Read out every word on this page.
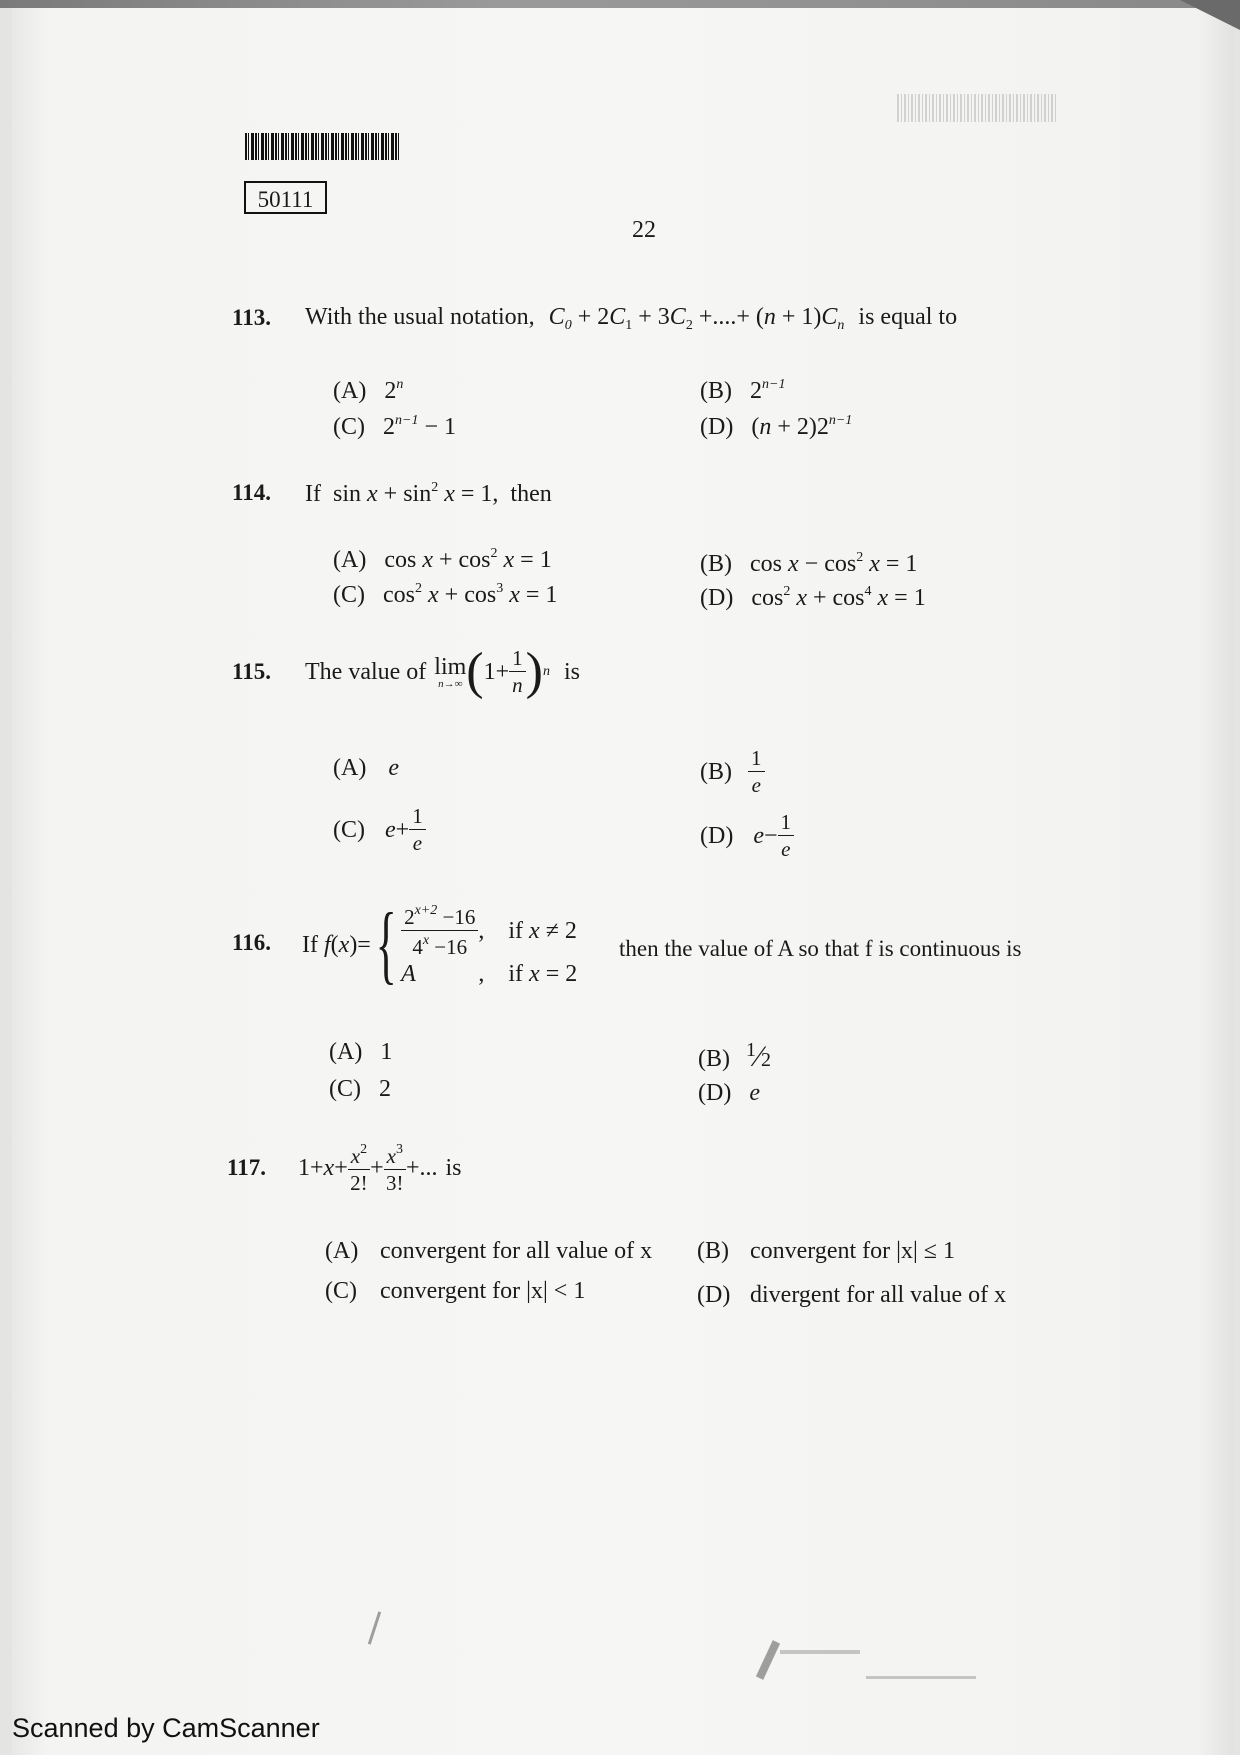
50111
22
113. With the usual notation, $C_0 + 2C_1 + 3C_2$ +....+ $(n + 1)C_n$ is equal to
(A) 2$^n$	(B) $2^{n-1}$
(C) $2^{n-1} - 1$	(D) $(n + 2)2^{n-1}$
114. If $\sin x + \sin^2 x = 1$, then
(A) $\cos x + \cos^2 x = 1$	(B) $\cos x - \cos^2 x = 1$
(C) $\cos^2 x + \cos^3 x = 1$	(D) $\cos^2 x + \cos^4 x = 1$
115. The value of lim
n→∞ ( $1+ \frac{1}{n}$ ) n is
(A) e	$(B) \frac{1}{e}$
(C) $e + \frac{1}{e}$	(D) $e - \frac{1}{e}$
116. If f (x)= { $\frac{2^{x+2} -16}{4^x -16}$ ,	if x ≠ 2
A	,	if x = 2
then the value of A so that f is continuous is
(A) 1	(B) $^1$⁄2
(C) 2	(D) e
117. $1+x+ \frac{x^2}{2!} + \frac{x^3}{3!}$ +... is
(A) convergent for all value of x (B) convergent for |x| ≤ 1
(C) convergent for |x| < 1	(D) divergent for all value of x
Scanned by CamScanner
